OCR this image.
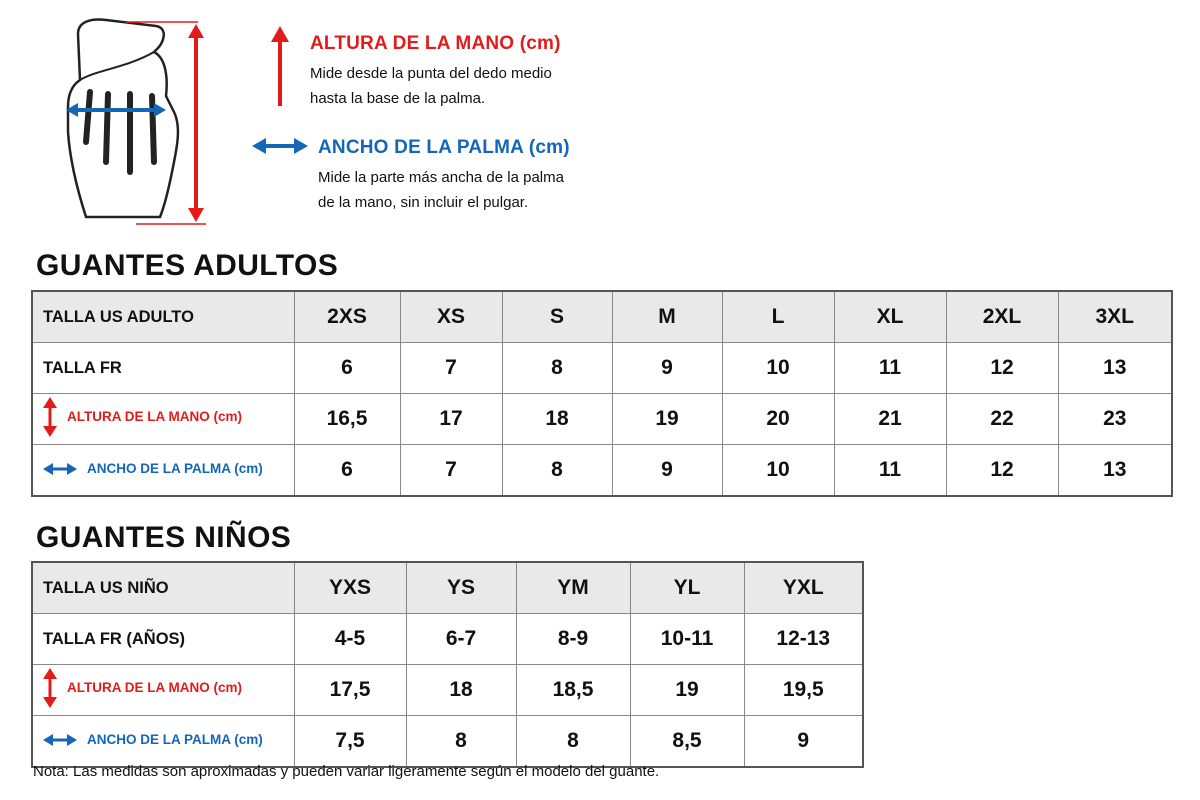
ALTURA DE LA MANO (cm)
Mide desde la punta del dedo medio
hasta la base de la palma.
ANCHO DE LA PALMA (cm)
Mide la parte más ancha de la palma
de la mano, sin incluir el pulgar.
GUANTES ADULTOS
TALLA US ADULTO	2XS	XS	S	M	L	XL	2XL	3XL
TALLA FR	6	7	8	9	10	11	12	13

ALTURA DE LA MANO (cm)	16,5	17	18	19	20	21	22	23

ANCHO DE LA PALMA (cm)	6	7	8	9	10	11	12	13
GUANTES NIÑOS
TALLA US NIÑO	YXS	YS	YM	YL	YXL
TALLA FR (AÑOS)	4-5	6-7	8-9	10-11	12-13

ALTURA DE LA MANO (cm)	17,5	18	18,5	19	19,5

ANCHO DE LA PALMA (cm)	7,5	8	8	8,5	9
Nota: Las medidas son aproximadas y pueden variar ligeramente según el modelo del guante.
